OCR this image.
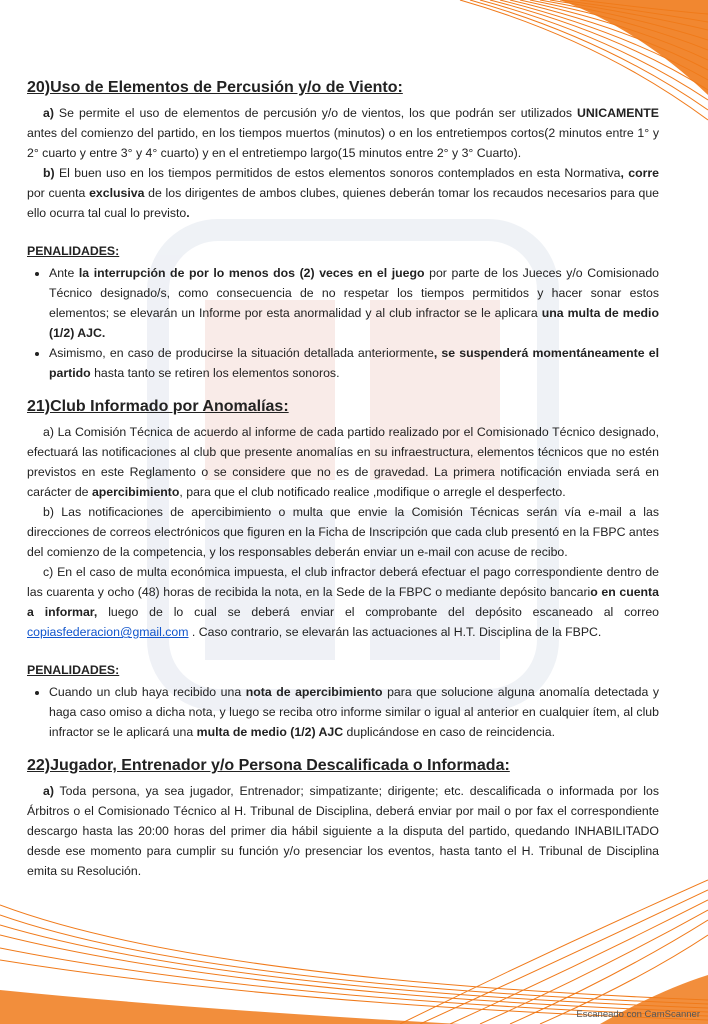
20)Uso de Elementos de Percusión y/o de Viento:

a) Se permite el uso de elementos de percusión y/o de vientos, los que podrán ser utilizados UNICAMENTE antes del comienzo del partido, en los tiempos muertos (minutos) o en los entretiempos cortos(2 minutos entre 1° y 2° cuarto y entre 3° y 4° cuarto) y en el entretiempo largo(15 minutos entre 2° y 3° Cuarto).

b) El buen uso en los tiempos permitidos de estos elementos sonoros contemplados en esta Normativa, corre por cuenta exclusiva de los dirigentes de ambos clubes, quienes deberán tomar los recaudos necesarios para que ello ocurra tal cual lo previsto.

PENALIDADES:
• Ante la interrupción de por lo menos dos (2) veces en el juego por parte de los Jueces y/o Comisionado Técnico designado/s, como consecuencia de no respetar los tiempos permitidos y hacer sonar estos elementos; se elevarán un Informe por esta anormalidad y al club infractor se le aplicara una multa de medio (1/2) AJC.
• Asimismo, en caso de producirse la situación detallada anteriormente, se suspenderá momentáneamente el partido hasta tanto se retiren los elementos sonoros.
21)Club Informado por Anomalías:

a) La Comisión Técnica de acuerdo al informe de cada partido realizado por el Comisionado Técnico designado, efectuará las notificaciones al club que presente anomalías en su infraestructura, elementos técnicos que no estén previstos en este Reglamento o se considere que no es de gravedad. La primera notificación enviada será en carácter de apercibimiento, para que el club notificado realice ,modifique o arregle el desperfecto.

b) Las notificaciones de apercibimiento o multa que envie la Comisión Técnicas serán vía e-mail a las direcciones de correos electrónicos que figuren en la Ficha de Inscripción que cada club presentó en la FBPC antes del comienzo de la competencia, y los responsables deberán enviar un e-mail con acuse de recibo.

c) En el caso de multa económica impuesta, el club infractor deberá efectuar el pago correspondiente dentro de las cuarenta y ocho (48) horas de recibida la nota, en la Sede de la FBPC o mediante depósito bancario en cuenta a informar, luego de lo cual se deberá enviar el comprobante del depósito escaneado al correo copiasfederacion@gmail.com . Caso contrario, se elevarán las actuaciones al H.T. Disciplina de la FBPC.

PENALIDADES:
• Cuando un club haya recibido una nota de apercibimiento para que solucione alguna anomalía detectada y haga caso omiso a dicha nota, y luego se reciba otro informe similar o igual al anterior en cualquier ítem, al club infractor se le aplicará una multa de medio (1/2) AJC duplicándose en caso de reincidencia.
22)Jugador, Entrenador y/o Persona Descalificada o Informada:

a) Toda persona, ya sea jugador, Entrenador; simpatizante; dirigente; etc. descalificada o informada por los Árbitros o el Comisionado Técnico al H. Tribunal de Disciplina, deberá enviar por mail o por fax el correspondiente descargo hasta las 20:00 horas del primer dia hábil siguiente a la disputa del partido, quedando INHABILITADO desde ese momento para cumplir su función y/o presenciar los eventos, hasta tanto el H. Tribunal de Disciplina emita su Resolución.

Escaneado con CamScanner
